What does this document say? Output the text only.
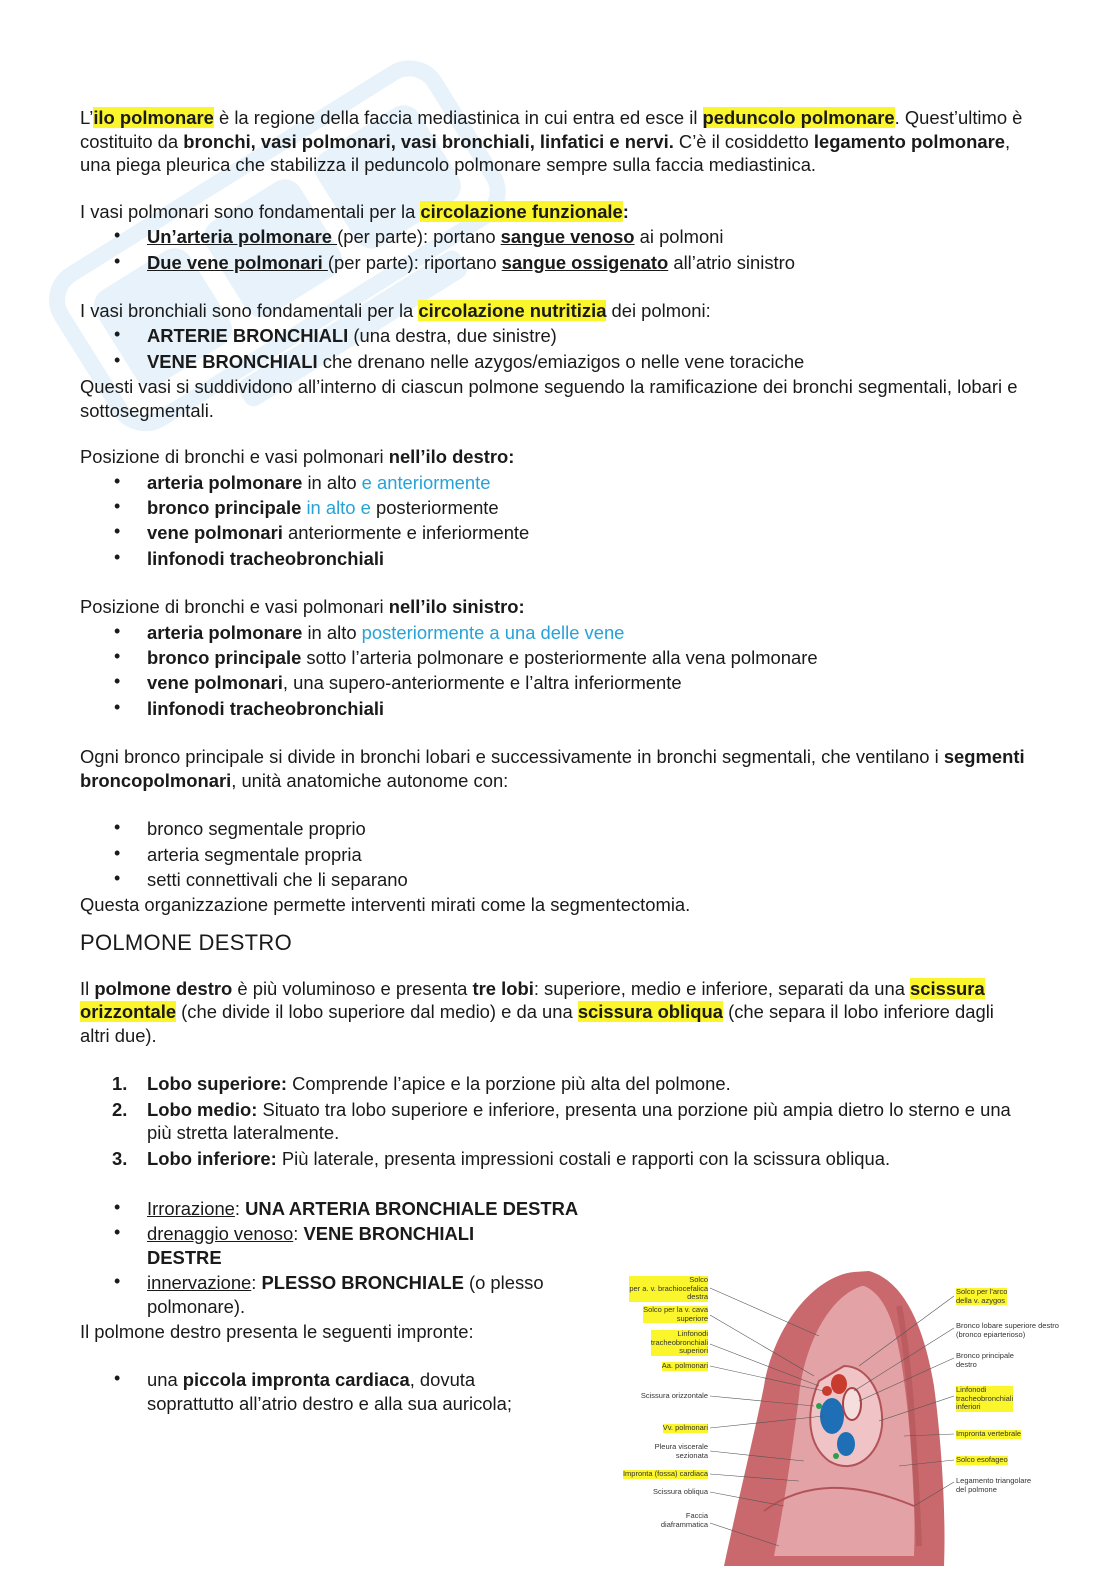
L’ilo polmonare è la regione della faccia mediastinica in cui entra ed esce il peduncolo polmonare. Quest’ultimo è costituito da bronchi, vasi polmonari, vasi bronchiali, linfatici e nervi. C’è il cosiddetto legamento polmonare, una piega pleurica che stabilizza il peduncolo polmonare sempre sulla faccia mediastinica.

I vasi polmonari sono fondamentali per la circolazione funzionale:

• Un’arteria polmonare (per parte): portano sangue venoso ai polmoni
• Due vene polmonari (per parte): riportano sangue ossigenato all’atrio sinistro

I vasi bronchiali sono fondamentali per la circolazione nutritizia dei polmoni:

• ARTERIE BRONCHIALI (una destra, due sinistre)
• VENE BRONCHIALI che drenano nelle azygos/emiazigos o nelle vene toraciche

Questi vasi si suddividono all’interno di ciascun polmone seguendo la ramificazione dei bronchi segmentali, lobari e sottosegmentali.

Posizione di bronchi e vasi polmonari nell’ilo destro:

• arteria polmonare in alto e anteriormente
• bronco principale in alto e posteriormente
• vene polmonari anteriormente e inferiormente
• linfonodi tracheobronchiali

Posizione di bronchi e vasi polmonari nell’ilo sinistro:

• arteria polmonare in alto posteriormente a una delle vene
• bronco principale sotto l’arteria polmonare e posteriormente alla vena polmonare
• vene polmonari, una supero-anteriormente e l’altra inferiormente
• linfonodi tracheobronchiali

Ogni bronco principale si divide in bronchi lobari e successivamente in bronchi segmentali, che ventilano i segmenti broncopolmonari, unità anatomiche autonome con:

• bronco segmentale proprio
• arteria segmentale propria
• setti connettivali che li separano

Questa organizzazione permette interventi mirati come la segmentectomia.

POLMONE DESTRO

Il polmone destro è più voluminoso e presenta tre lobi: superiore, medio e inferiore, separati da una scissura orizzontale (che divide il lobo superiore dal medio) e da una scissura obliqua (che separa il lobo inferiore dagli altri due).

1. Lobo superiore: Comprende l’apice e la porzione più alta del polmone.
2. Lobo medio: Situato tra lobo superiore e inferiore, presenta una porzione più ampia dietro lo sterno e una più stretta lateralmente.
3. Lobo inferiore: Più laterale, presenta impressioni costali e rapporti con la scissura obliqua.
• Irrorazione: UNA ARTERIA BRONCHIALE DESTRA
• drenaggio venoso: VENE BRONCHIALI DESTRE
• innervazione: PLESSO BRONCHIALE (o plesso polmonare).

Il polmone destro presenta le seguenti impronte:

• una piccola impronta cardiaca, dovuta soprattutto all’atrio destro e alla sua auricola;
Solco
per a. v. brachiocefalica
destra
Solco per la v. cava
superiore
Linfonodi
tracheobronchiali
superiori
Aa. polmonari
Scissura orizzontale
Vv. polmonari
Pleura viscerale
sezionata
Impronta (fossa) cardiaca
Scissura obliqua
Faccia
diaframmatica
Solco per l'arco
della v. azygos
Bronco lobare superiore destro
(bronco epiarterioso)
Bronco principale
destro
Linfonodi
tracheobronchiali
inferiori
Impronta vertebrale
Solco esofageo
Legamento triangolare
del polmone
